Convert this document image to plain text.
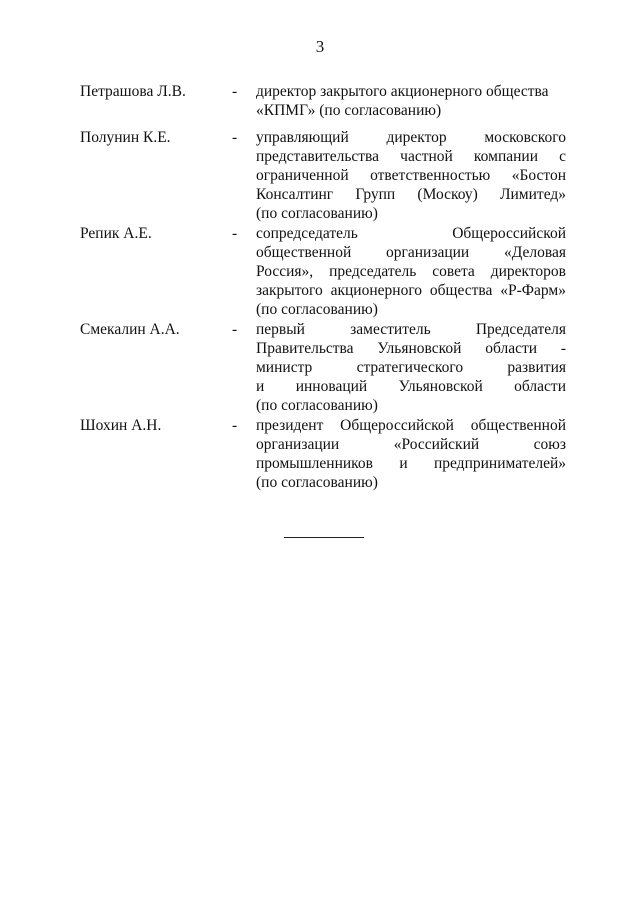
3
Петрашова Л.В.	- директор закрытого акционерного общества
«КПМГ» (по согласованию)
Полунин К.Е.	- управляющий директор московского
представительства частной компании с
ограниченной ответственностью «Бостон
Консалтинг Групп (Москоу) Лимитед»
(по согласованию)
Репик А.Е.	- сопредседатель Общероссийской
общественной организации «Деловая
Россия», председатель совета директоров
закрытого акционерного общества «Р-Фарм»
(по согласованию)
Смекалин А.А.	- первый заместитель Председателя
Правительства Ульяновской области -
министр стратегического развития
и инноваций Ульяновской области
(по согласованию)
Шохин А.Н.	- президент Общероссийской общественной
организации «Российский союз
промышленников и предпринимателей»
(по согласованию)
